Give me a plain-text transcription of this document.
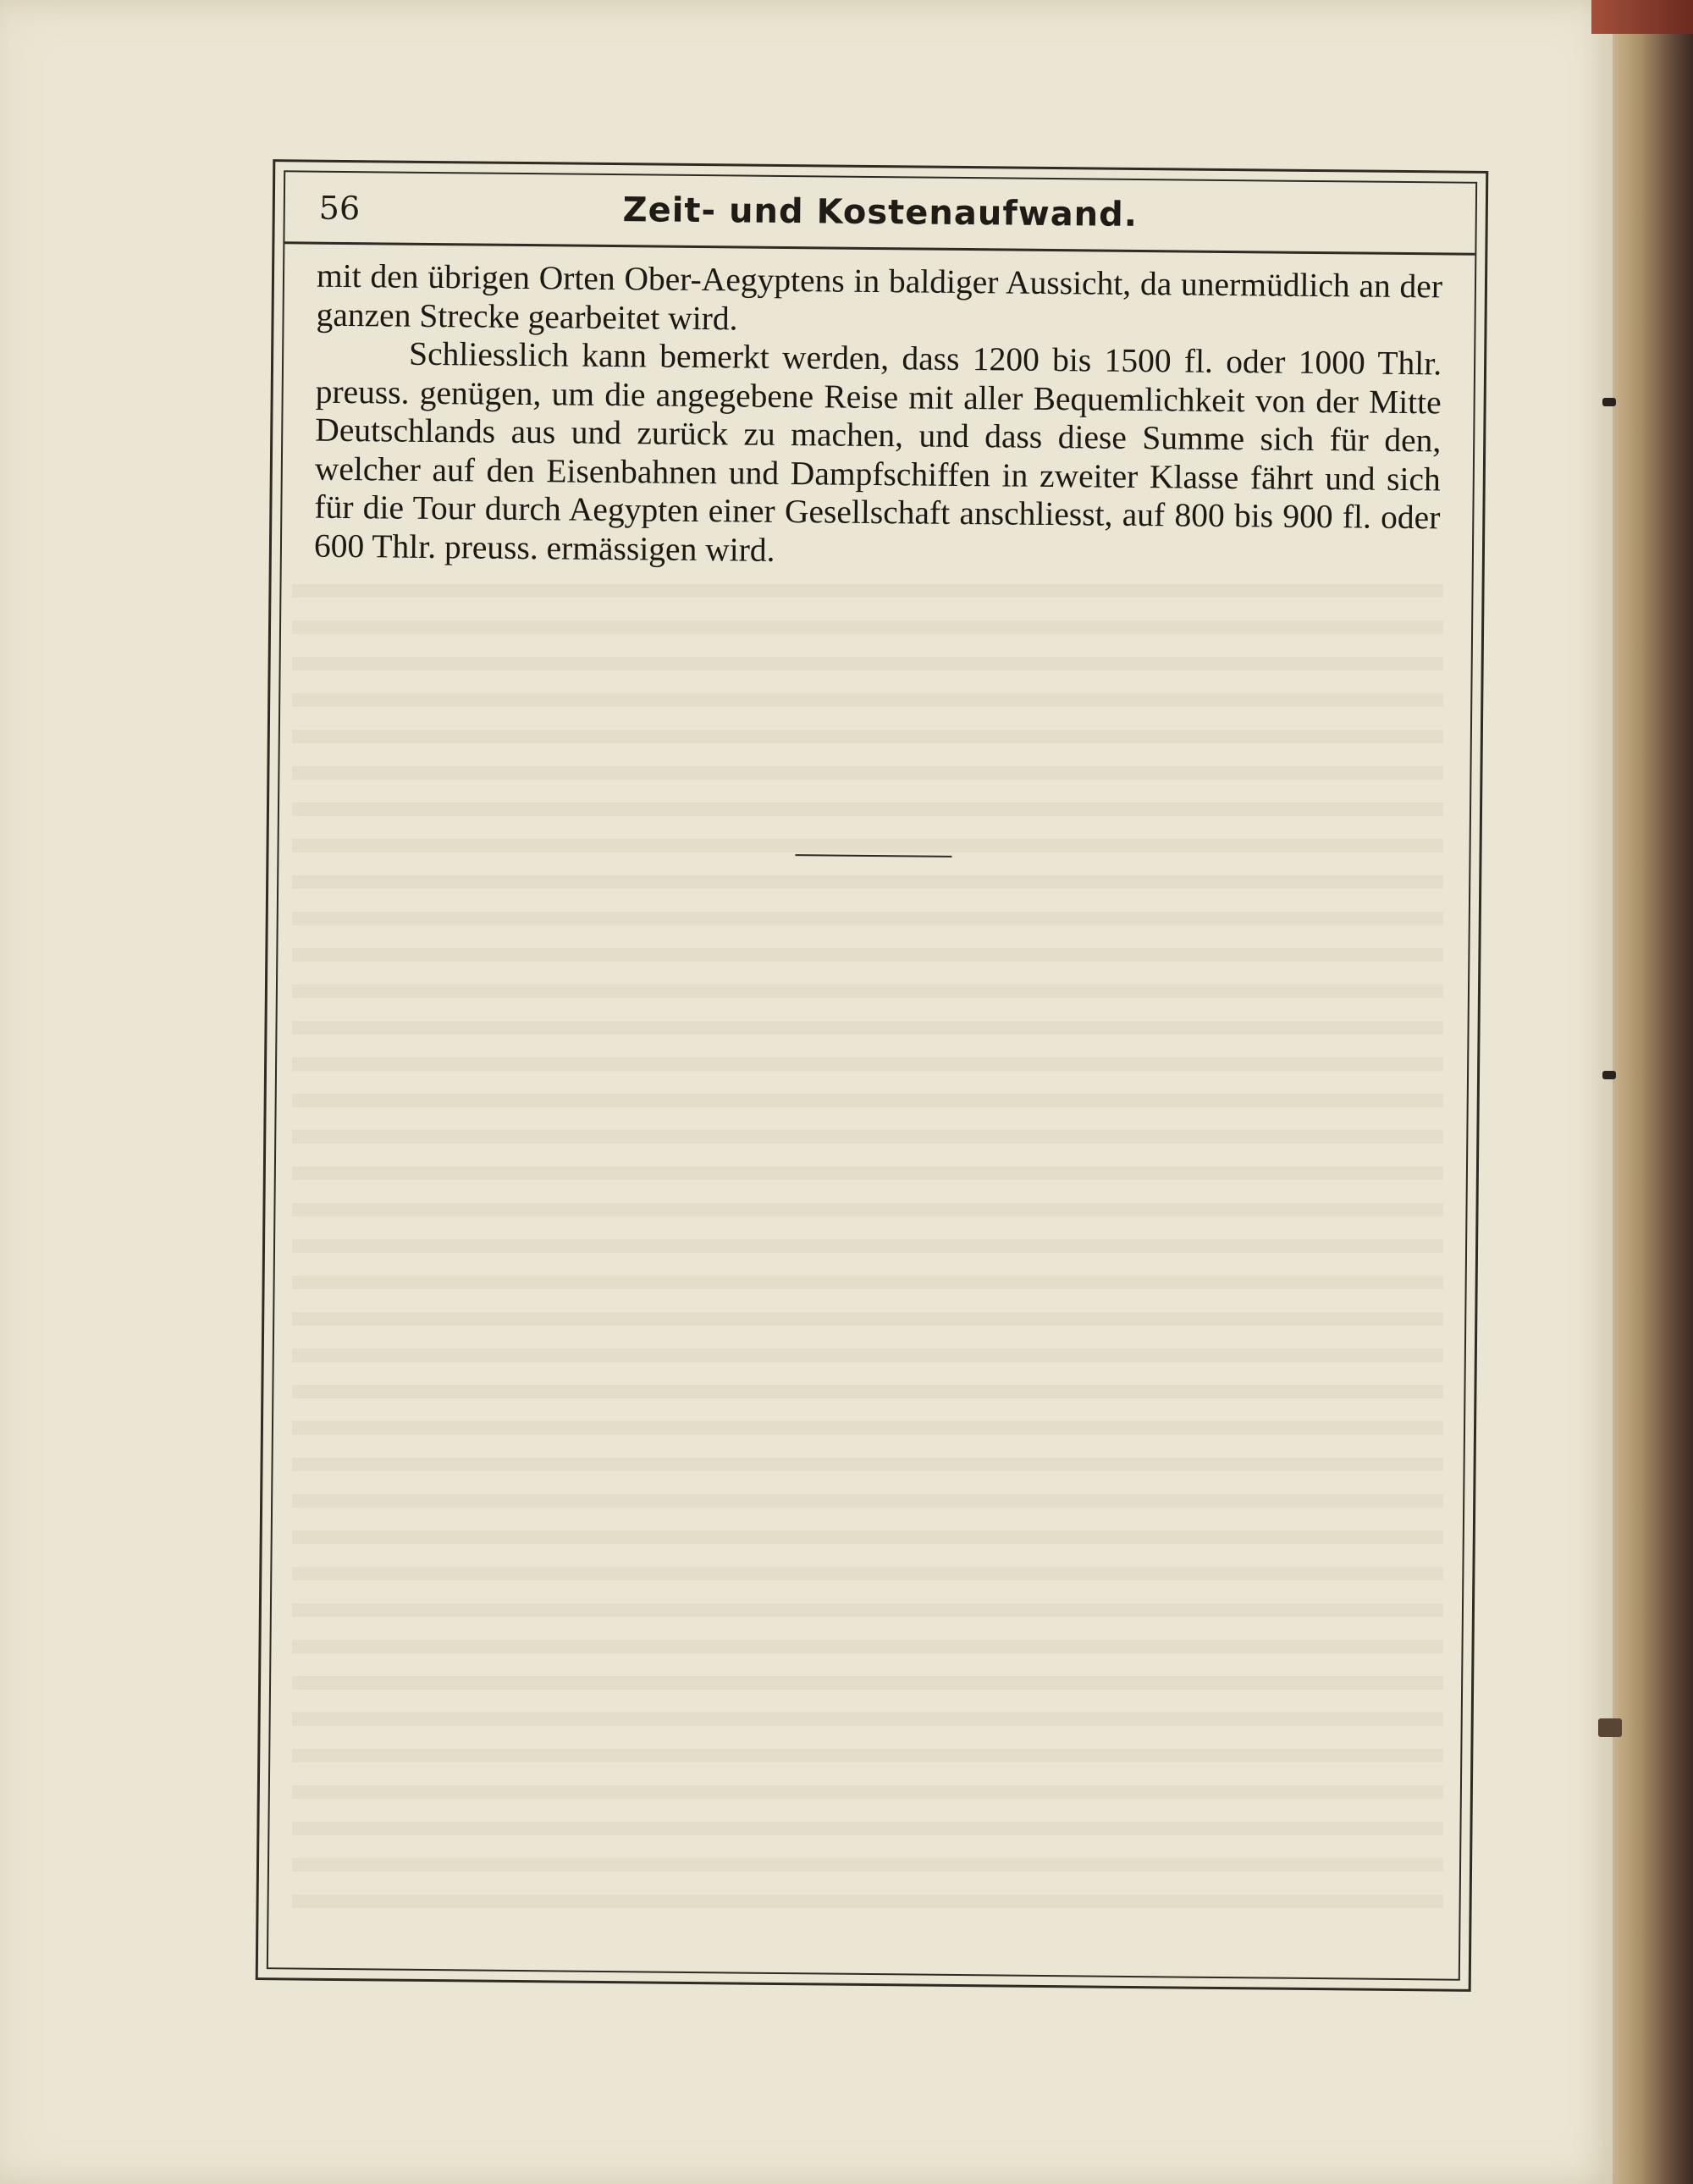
56	Zeit- und Kostenaufwand.

mit den übrigen Orten Ober-Aegyptens in baldiger Aussicht, da unermüdlich an der ganzen Strecke gearbeitet wird.

Schliesslich kann bemerkt werden, dass 1200 bis 1500 fl. oder 1000 Thlr. preuss. genügen, um die angegebene Reise mit aller Bequemlichkeit von der Mitte Deutschlands aus und zurück zu machen, und dass diese Summe sich für den, welcher auf den Eisenbahnen und Dampfschiffen in zweiter Klasse fährt und sich für die Tour durch Aegypten einer Gesellschaft anschliesst, auf 800 bis 900 fl. oder 600 Thlr. preuss. ermässigen wird.
